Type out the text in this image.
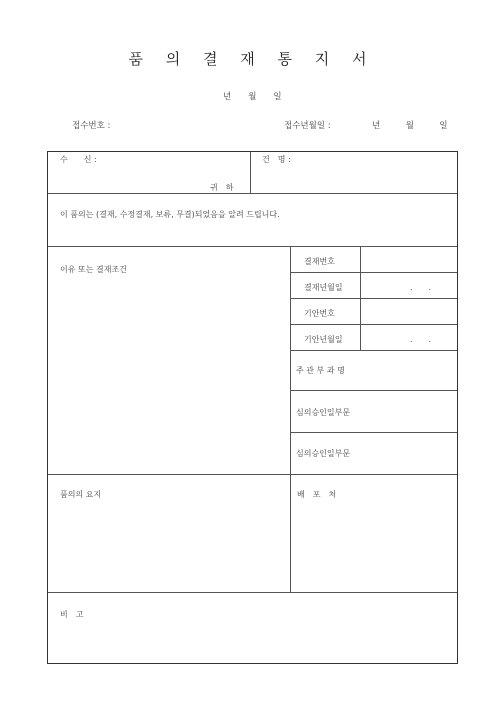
품 의 결 재 통 지 서
년　　월　　일
접수번호 :	접수년월일 :	년　　　월　　　일
수　　신 :
귀　하
건　명 :
이 품의는 (결재, 수정결재, 보류, 무결)되었음을 알려 드립니다.
이유 또는 결재조건
결재번호
결재년월일	.　　.
기안번호
기안년월일	.　　.
주 관 부 과 명
심의승인일부문
심의승인일부문
품의의 요지	배　포　처
비　고
